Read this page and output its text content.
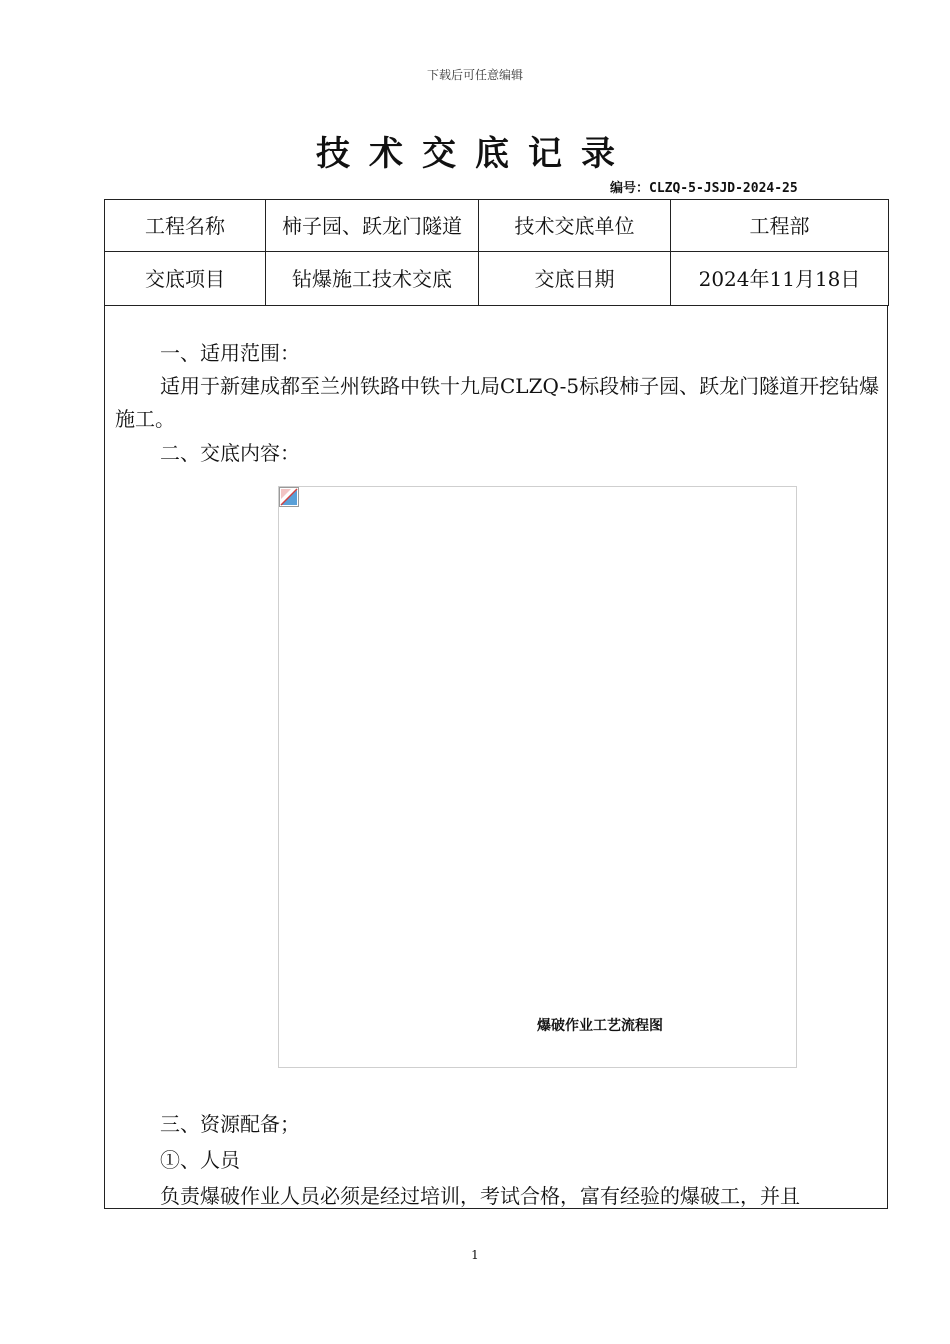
下载后可任意编辑
技术交底记录
编号：CLZQ-5-JSJD-2024-25
工程名称	柿子园、跃龙门隧道	技术交底单位	工程部
交底项目	钻爆施工技术交底	交底日期	2024年11月18日

一、适用范围：

适用于新建成都至兰州铁路中铁十九局CLZQ-5标段柿子园、跃龙门隧道开挖钻爆施工。

二、交底内容：

爆破作业工艺流程图

三、资源配备；

①、人员

负责爆破作业人员必须是经过培训，考试合格，富有经验的爆破工，并且

1
